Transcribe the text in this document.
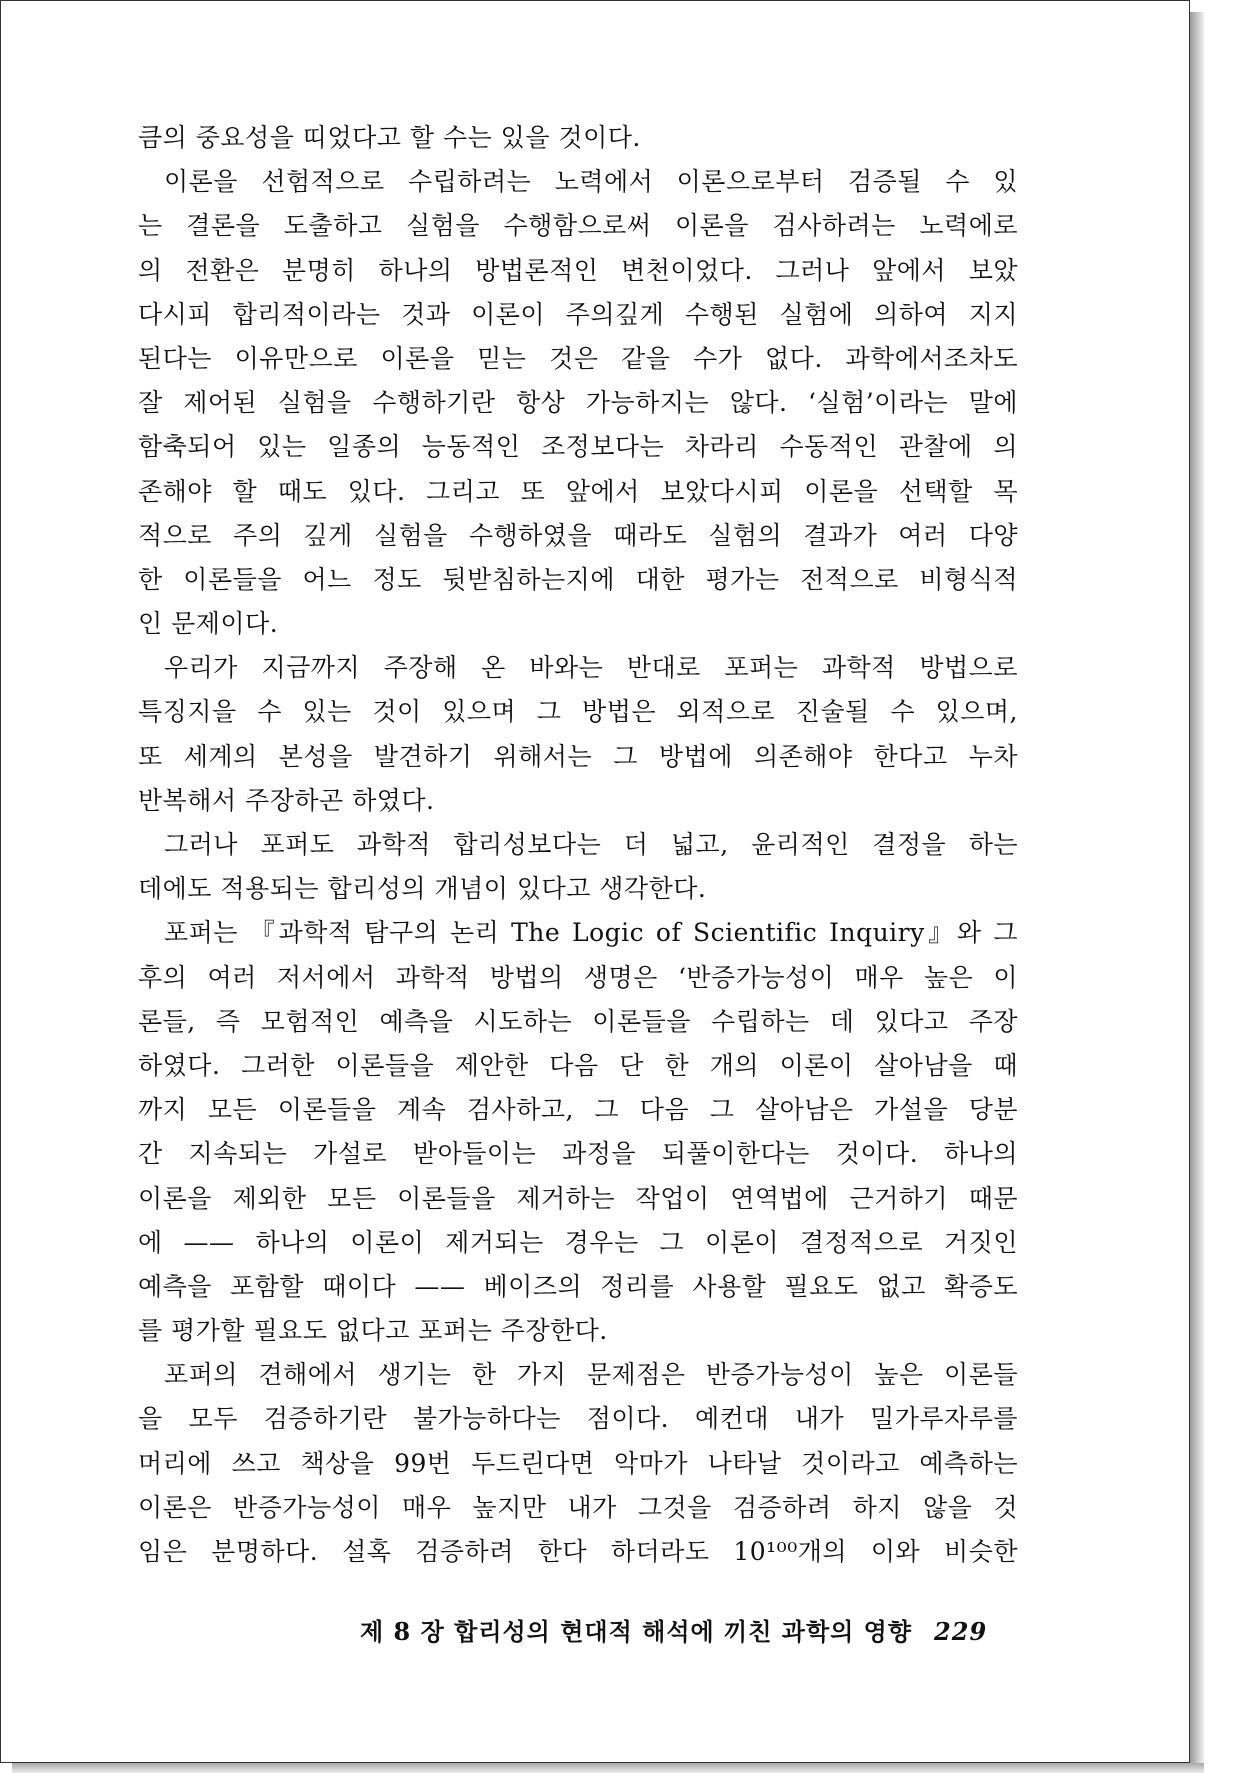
큼의 중요성을 띠었다고 할 수는 있을 것이다.
이론을 선험적으로 수립하려는 노력에서 이론으로부터 검증될 수 있
는 결론을 도출하고 실험을 수행함으로써 이론을 검사하려는 노력에로
의 전환은 분명히 하나의 방법론적인 변천이었다. 그러나 앞에서 보았
다시피 합리적이라는 것과 이론이 주의깊게 수행된 실험에 의하여 지지
된다는 이유만으로 이론을 믿는 것은 같을 수가 없다. 과학에서조차도
잘 제어된 실험을 수행하기란 항상 가능하지는 않다. ‘실험’이라는 말에
함축되어 있는 일종의 능동적인 조정보다는 차라리 수동적인 관찰에 의
존해야 할 때도 있다. 그리고 또 앞에서 보았다시피 이론을 선택할 목
적으로 주의 깊게 실험을 수행하였을 때라도 실험의 결과가 여러 다양
한 이론들을 어느 정도 뒷받침하는지에 대한 평가는 전적으로 비형식적
인 문제이다.
우리가 지금까지 주장해 온 바와는 반대로 포퍼는 과학적 방법으로
특징지을 수 있는 것이 있으며 그 방법은 외적으로 진술될 수 있으며,
또 세계의 본성을 발견하기 위해서는 그 방법에 의존해야 한다고 누차
반복해서 주장하곤 하였다.
그러나 포퍼도 과학적 합리성보다는 더 넓고, 윤리적인 결정을 하는
데에도 적용되는 합리성의 개념이 있다고 생각한다.
포퍼는 『과학적 탐구의 논리 The Logic of Scientific Inquiry』와 그
후의 여러 저서에서 과학적 방법의 생명은 ‘반증가능성이 매우 높은 이
론들, 즉 모험적인 예측을 시도하는 이론들을 수립하는 데 있다고 주장
하였다. 그러한 이론들을 제안한 다음 단 한 개의 이론이 살아남을 때
까지 모든 이론들을 계속 검사하고, 그 다음 그 살아남은 가설을 당분
간 지속되는 가설로 받아들이는 과정을 되풀이한다는 것이다. 하나의
이론을 제외한 모든 이론들을 제거하는 작업이 연역법에 근거하기 때문
에 —— 하나의 이론이 제거되는 경우는 그 이론이 결정적으로 거짓인
예측을 포함할 때이다 —— 베이즈의 정리를 사용할 필요도 없고 확증도
를 평가할 필요도 없다고 포퍼는 주장한다.
포퍼의 견해에서 생기는 한 가지 문제점은 반증가능성이 높은 이론들
을 모두 검증하기란 불가능하다는 점이다. 예컨대 내가 밀가루자루를
머리에 쓰고 책상을 99번 두드린다면 악마가 나타날 것이라고 예측하는
이론은 반증가능성이 매우 높지만 내가 그것을 검증하려 하지 않을 것
임은 분명하다. 설혹 검증하려 한다 하더라도 10¹⁰⁰개의 이와 비슷한
제 8 장 합리성의 현대적 해석에 끼친 과학의 영향 229
